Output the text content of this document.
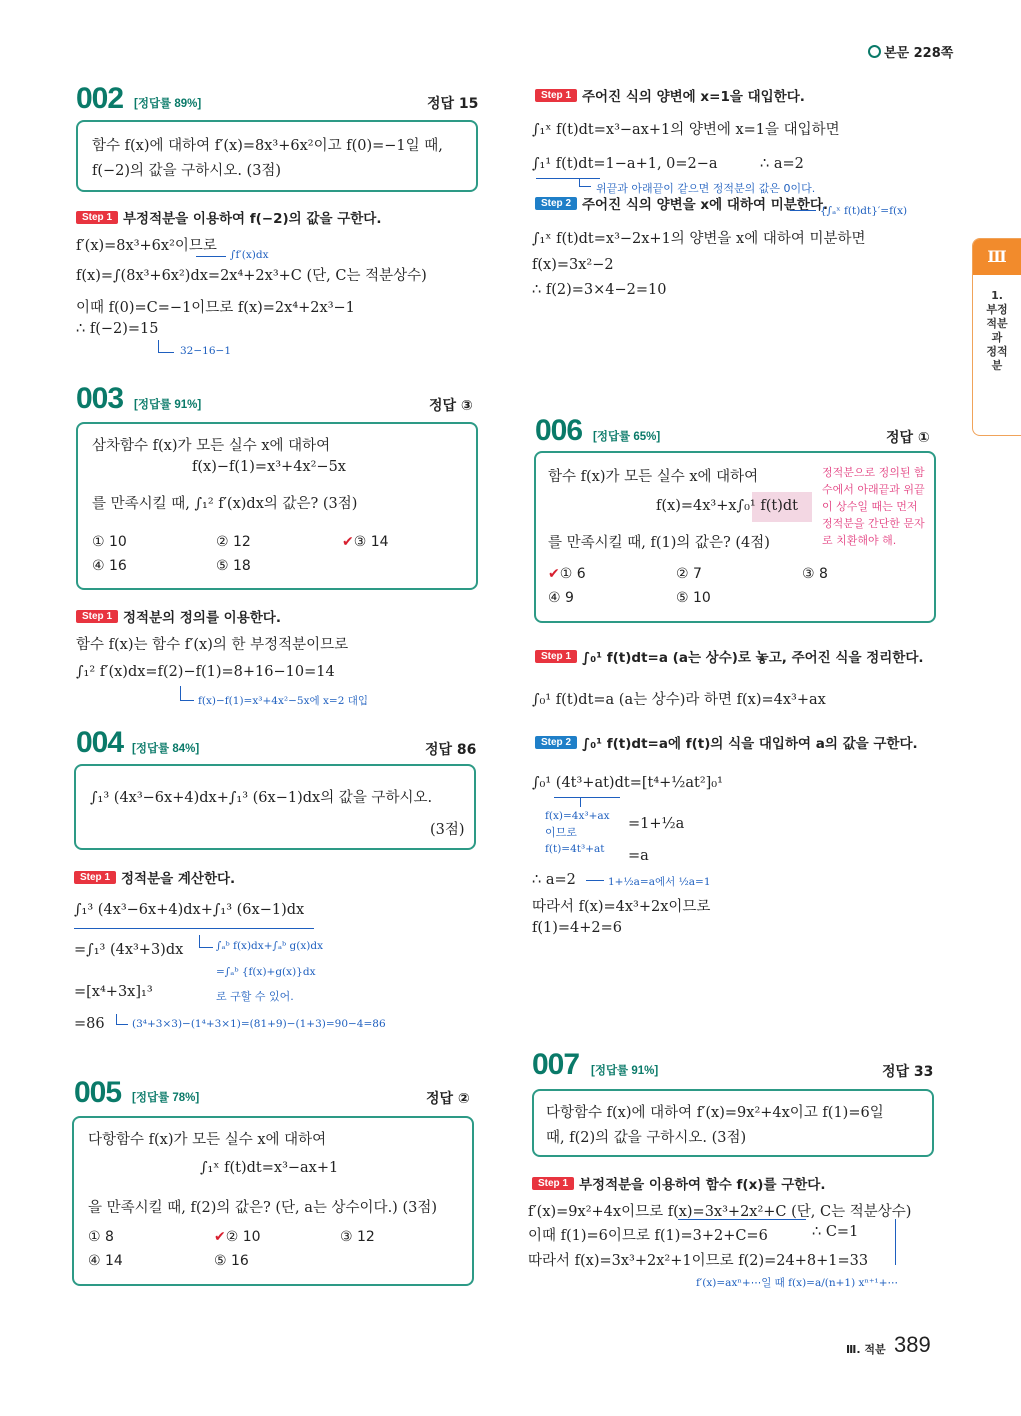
본문 228쪽
Ⅲ
1. 부정적분과 정적분
002 [정답률 89%]	정답 15
함수 f(x)에 대하여 f′(x)=8x³+6x²이고 f(0)=−1일 때,
f(−2)의 값을 구하시오. (3점)
Step 1 부정적분을 이용하여 f(−2)의 값을 구한다.
f′(x)=8x³+6x²이므로
∫f′(x)dx
f(x)=∫(8x³+6x²)dx=2x⁴+2x³+C (단, C는 적분상수)
이때 f(0)=C=−1이므로 f(x)=2x⁴+2x³−1
∴ f(−2)=15
32−16−1
003 [정답률 91%]	정답 ③
삼차함수 f(x)가 모든 실수 x에 대하여
f(x)−f(1)=x³+4x²−5x
를 만족시킬 때, ∫₁² f′(x)dx의 값은? (3점)
① 10	② 12	✔③ 14
④ 16	⑤ 18
Step 1 정적분의 정의를 이용한다.
함수 f(x)는 함수 f′(x)의 한 부정적분이므로
∫₁² f′(x)dx=f(2)−f(1)=8+16−10=14
f(x)−f(1)=x³+4x²−5x에 x=2 대입
004 [정답률 84%]	정답 86
∫₁³ (4x³−6x+4)dx+∫₁³ (6x−1)dx의 값을 구하시오.
(3점)
Step 1 정적분을 계산한다.
∫₁³ (4x³−6x+4)dx+∫₁³ (6x−1)dx
=∫₁³ (4x³+3)dx	∫ₐᵇ f(x)dx+∫ₐᵇ g(x)dx
=∫ₐᵇ {f(x)+g(x)}dx
로 구할 수 있어.
=[x⁴+3x]₁³
=86	(3⁴+3×3)−(1⁴+3×1)=(81+9)−(1+3)=90−4=86
005 [정답률 78%]	정답 ②
다항함수 f(x)가 모든 실수 x에 대하여
∫₁ˣ f(t)dt=x³−ax+1
을 만족시킬 때, f(2)의 값은? (단, a는 상수이다.) (3점)
① 8	✔② 10	③ 12
④ 14	⑤ 16
Step 1 주어진 식의 양변에 x=1을 대입한다.
∫₁ˣ f(t)dt=x³−ax+1의 양변에 x=1을 대입하면
∫₁¹ f(t)dt=1−a+1, 0=2−a	∴ a=2
위끝과 아래끝이 같으면 정적분의 값은 0이다.
Step 2 주어진 식의 양변을 x에 대하여 미분한다.
{∫ₐˣ f(t)dt}′=f(x)
∫₁ˣ f(t)dt=x³−2x+1의 양변을 x에 대하여 미분하면
f(x)=3x²−2
∴ f(2)=3×4−2=10
006 [정답률 65%]	정답 ①
함수 f(x)가 모든 실수 x에 대하여
f(x)=4x³+x∫₀¹ f(t)dt
를 만족시킬 때, f(1)의 값은? (4점)
정적분으로 정의된 함수에서 아래끝과 위끝이 상수일 때는 먼저 정적분을 간단한 문자로 치환해야 해.
✔① 6	② 7	③ 8
④ 9	⑤ 10
Step 1 ∫₀¹ f(t)dt=a (a는 상수)로 놓고, 주어진 식을 정리한다.
∫₀¹ f(t)dt=a (a는 상수)라 하면 f(x)=4x³+ax
Step 2 ∫₀¹ f(t)dt=a에 f(t)의 식을 대입하여 a의 값을 구한다.
∫₀¹ (4t³+at)dt=[t⁴+½at²]₀¹
f(x)=4x³+ax
이므로
f(t)=4t³+at
=1+½a
=a
∴ a=2	1+½a=a에서 ½a=1
따라서 f(x)=4x³+2x이므로
f(1)=4+2=6
007 [정답률 91%]	정답 33
다항함수 f(x)에 대하여 f′(x)=9x²+4x이고 f(1)=6일
때, f(2)의 값을 구하시오. (3점)
Step 1 부정적분을 이용하여 함수 f(x)를 구한다.
f′(x)=9x²+4x이므로 f(x)=3x³+2x²+C (단, C는 적분상수)
이때 f(1)=6이므로 f(1)=3+2+C=6	∴ C=1
따라서 f(x)=3x³+2x²+1이므로 f(2)=24+8+1=33
f′(x)=axⁿ+⋯일 때 f(x)=a/(n+1) xⁿ⁺¹+⋯
Ⅲ. 적분 389
